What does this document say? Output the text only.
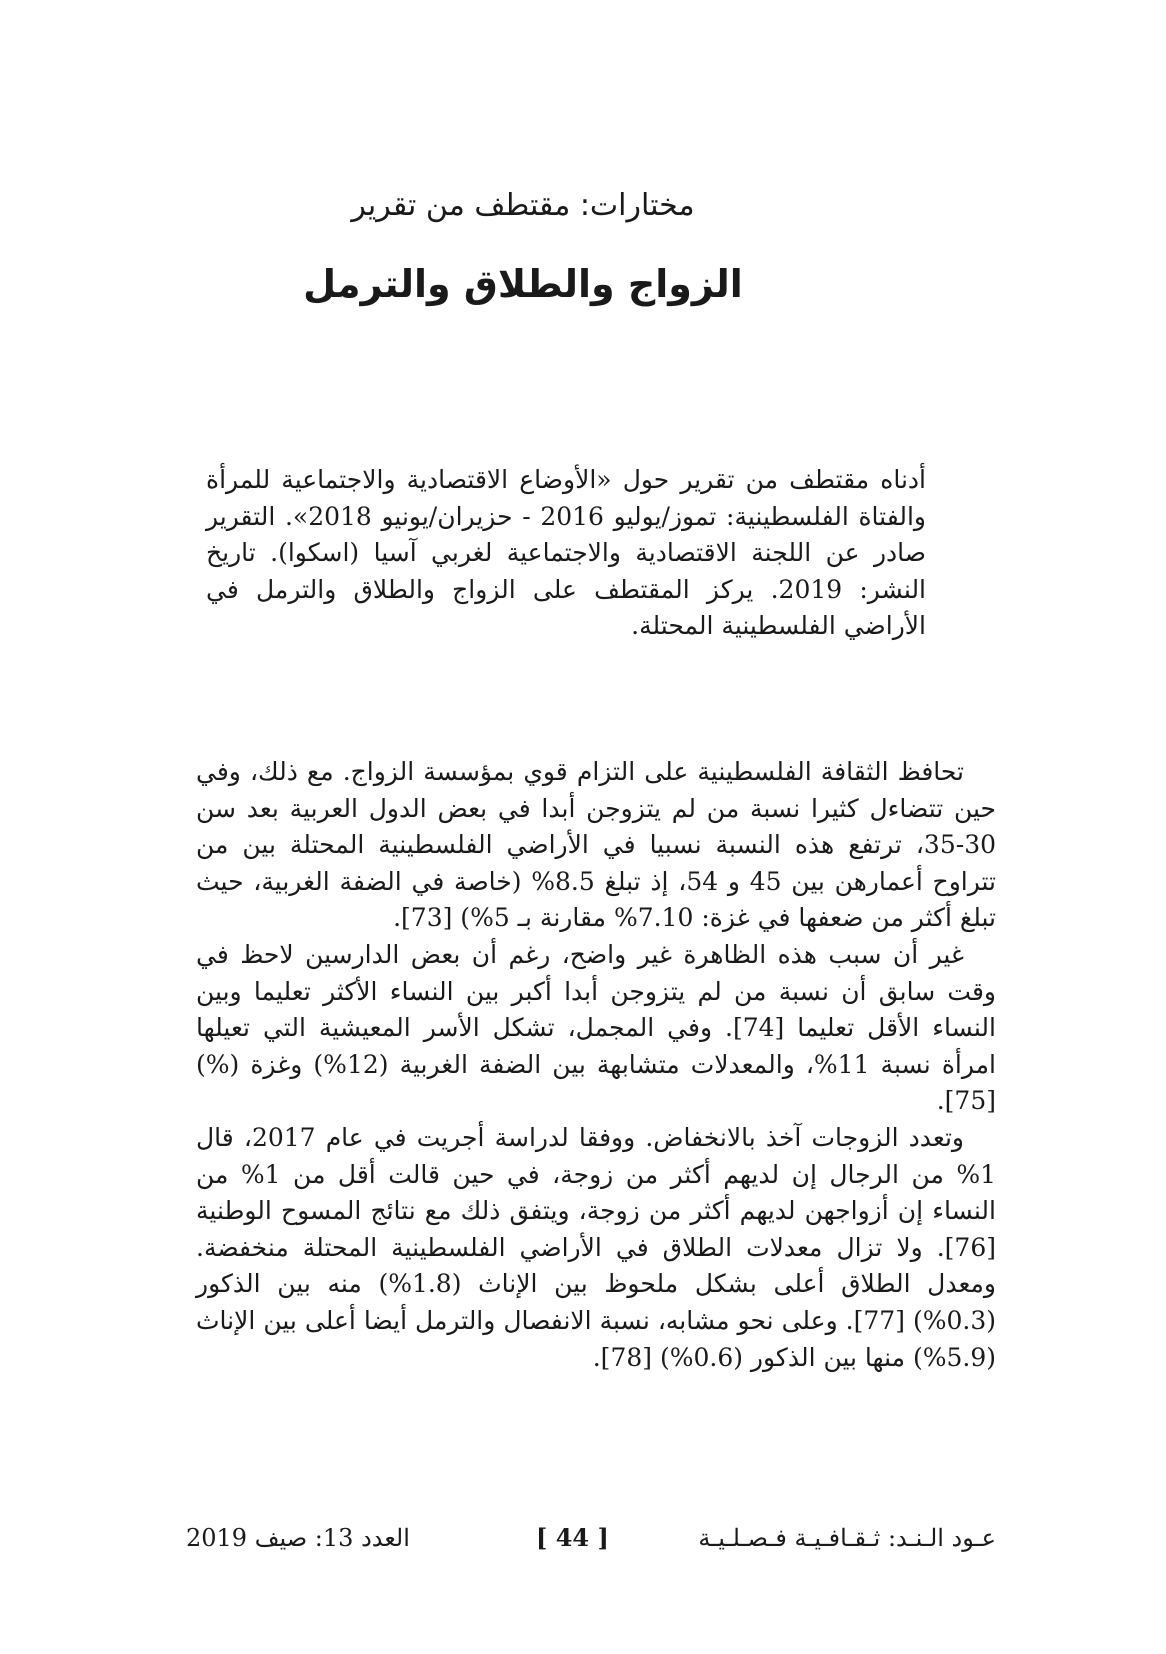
مختارات: مقتطف من تقرير
الزواج والطلاق والترمل

أدناه مقتطف من تقرير حول «الأوضاع الاقتصادية والاجتماعية للمرأة والفتاة الفلسطينية: تموز/يوليو 2016 - حزيران/يونيو 2018». التقرير صادر عن اللجنة الاقتصادية والاجتماعية لغربي آسيا (اسكوا). تاريخ النشر: 2019. يركز المقتطف على الزواج والطلاق والترمل في الأراضي الفلسطينية المحتلة.

تحافظ الثقافة الفلسطينية على التزام قوي بمؤسسة الزواج. مع ذلك، وفي حين تتضاءل كثيرا نسبة من لم يتزوجن أبدا في بعض الدول العربية بعد سن 30-35، ترتفع هذه النسبة نسبيا في الأراضي الفلسطينية المحتلة بين من تتراوح أعمارهن بين 45 و 54، إذ تبلغ 8.5% (خاصة في الضفة الغربية، حيث تبلغ أكثر من ضعفها في غزة: 7.10% مقارنة بـ 5%) [73].

غير أن سبب هذه الظاهرة غير واضح، رغم أن بعض الدارسين لاحظ في وقت سابق أن نسبة من لم يتزوجن أبدا أكبر بين النساء الأكثر تعليما وبين النساء الأقل تعليما [74]. وفي المجمل، تشكل الأسر المعيشية التي تعيلها امرأة نسبة 11%، والمعدلات متشابهة بين الضفة الغربية (12%) وغزة (%)[75].

وتعدد الزوجات آخذ بالانخفاض. ووفقا لدراسة أجريت في عام 2017، قال 1% من الرجال إن لديهم أكثر من زوجة، في حين قالت أقل من 1% من النساء إن أزواجهن لديهم أكثر من زوجة، ويتفق ذلك مع نتائج المسوح الوطنية [76]. ولا تزال معدلات الطلاق في الأراضي الفلسطينية المحتلة منخفضة. ومعدل الطلاق أعلى بشكل ملحوظ بين الإناث (1.8%) منه بين الذكور (0.3%) [77]. وعلى نحو مشابه، نسبة الانفصال والترمل أيضا أعلى بين الإناث (5.9%) منها بين الذكور (0.6%) [78].

عـود الـنـد: ثـقـافـيـة فـصـلـيـة
[ 44 ]
العدد 13: صيف 2019
